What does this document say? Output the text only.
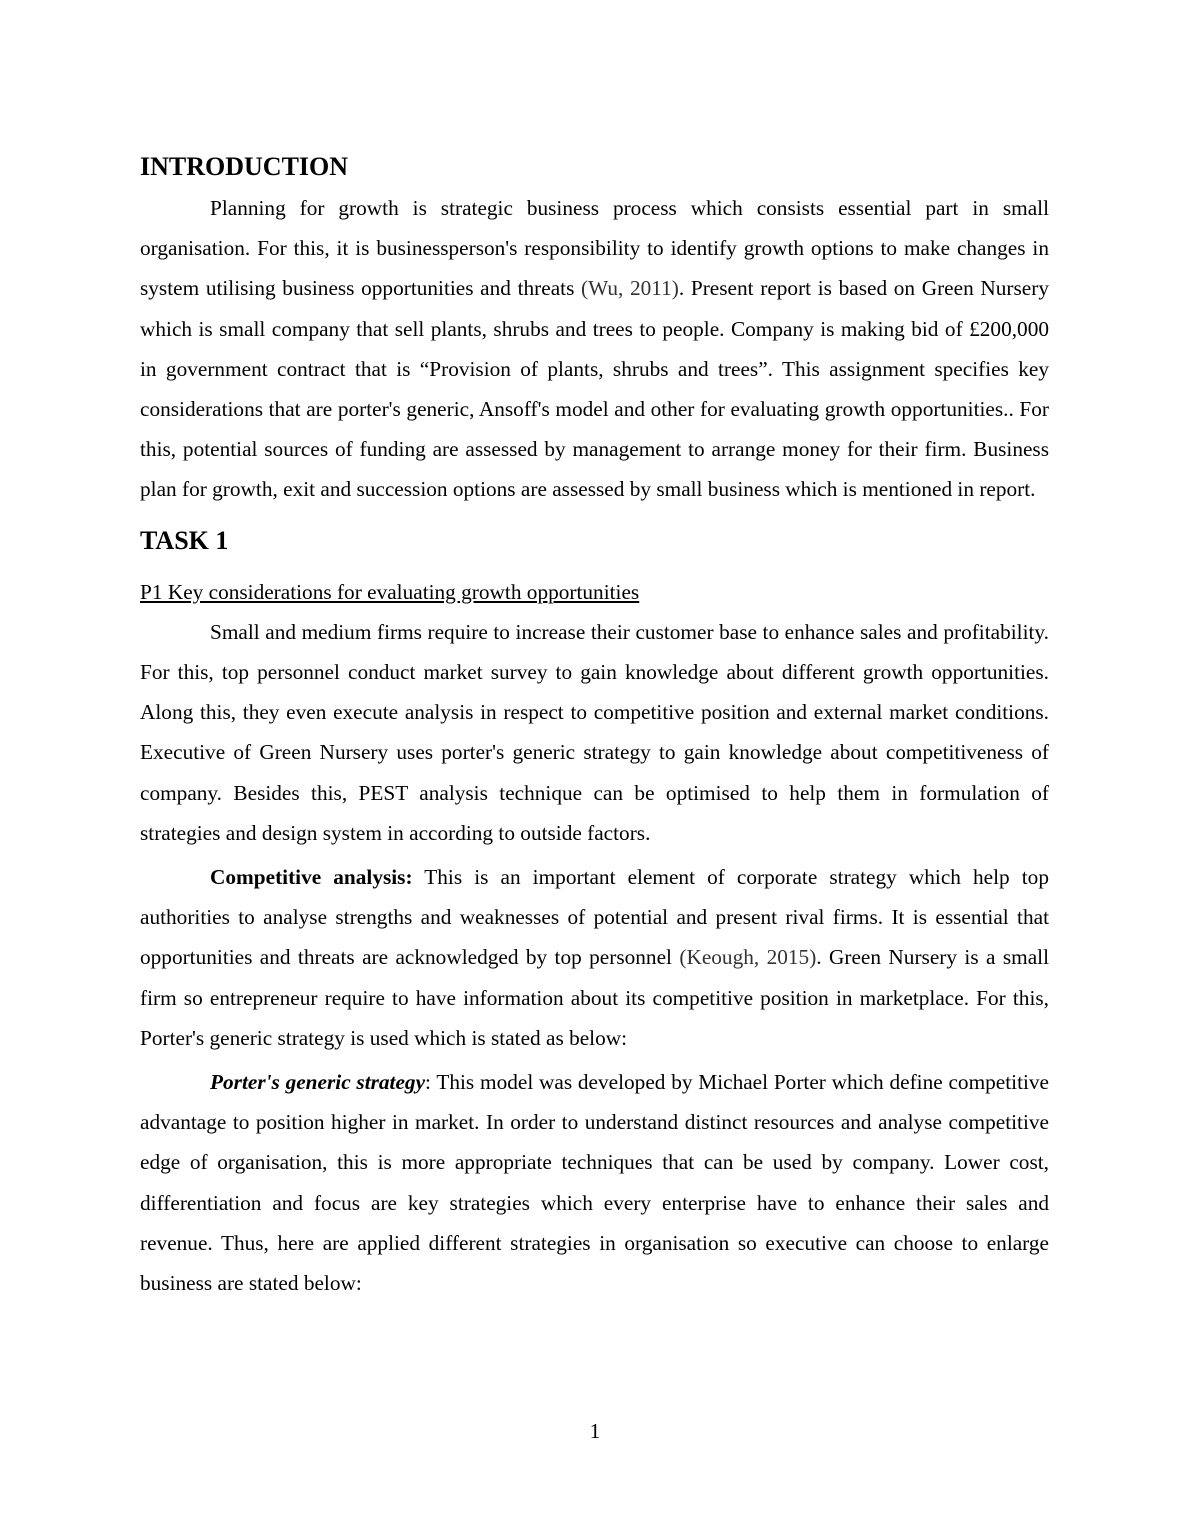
INTRODUCTION

Planning for growth is strategic business process which consists essential part in small organisation. For this, it is businessperson's responsibility to identify growth options to make changes in system utilising business opportunities and threats (Wu, 2011). Present report is based on Green Nursery which is small company that sell plants, shrubs and trees to people. Company is making bid of £200,000 in government contract that is “Provision of plants, shrubs and trees”. This assignment specifies key considerations that are porter's generic, Ansoff's model and other for evaluating growth opportunities.. For this, potential sources of funding are assessed by management to arrange money for their firm. Business plan for growth, exit and succession options are assessed by small business which is mentioned in report.

TASK 1
P1 Key considerations for evaluating growth opportunities

Small and medium firms require to increase their customer base to enhance sales and profitability. For this, top personnel conduct market survey to gain knowledge about different growth opportunities. Along this, they even execute analysis in respect to competitive position and external market conditions. Executive of Green Nursery uses porter's generic strategy to gain knowledge about competitiveness of company. Besides this, PEST analysis technique can be optimised to help them in formulation of strategies and design system in according to outside factors.

Competitive analysis: This is an important element of corporate strategy which help top authorities to analyse strengths and weaknesses of potential and present rival firms. It is essential that opportunities and threats are acknowledged by top personnel (Keough, 2015). Green Nursery is a small firm so entrepreneur require to have information about its competitive position in marketplace. For this, Porter's generic strategy is used which is stated as below:

Porter's generic strategy: This model was developed by Michael Porter which define competitive advantage to position higher in market. In order to understand distinct resources and analyse competitive edge of organisation, this is more appropriate techniques that can be used by company. Lower cost, differentiation and focus are key strategies which every enterprise have to enhance their sales and revenue. Thus, here are applied different strategies in organisation so executive can choose to enlarge business are stated below:

1
